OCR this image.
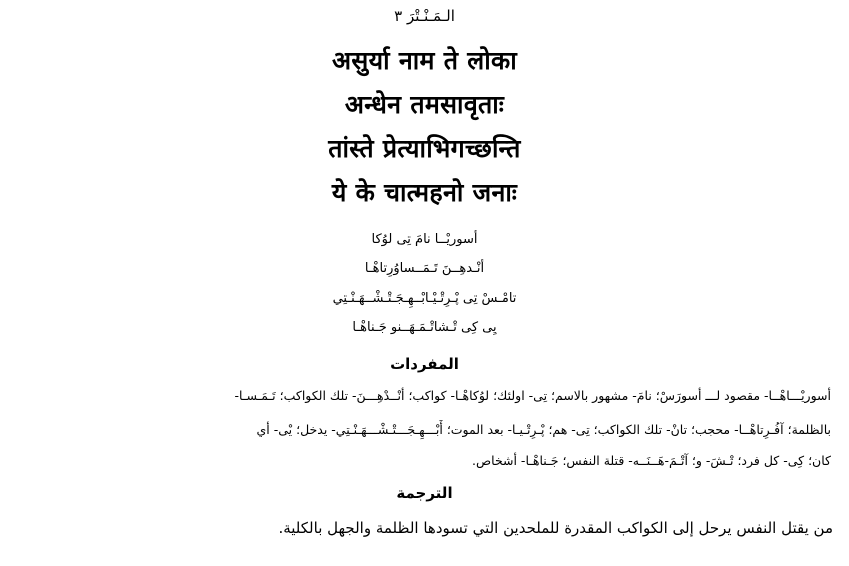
الـمَـنْـتْرَ ٣
असुर्या नाम ते लोका
अन्धेन तमसावृताः
तांस्ते प्रेत्याभिगच्छन्ति
ये के चात्महनो जनाः
أسوريْــا نامَ تِى لوُكا
أنْـدهِــنَ تَـمَــساوُرِتاهْـا
تامْـسْ تِى پْـرِتْـيْـابْــهِـجَـتْـشْــهَـنْـتِي
يِى كِى تْـشاتْـمَـهَــنو جَـناهْـا
المفردات
أسوريْـــاهْــا- مقصود لـــ أسورَسْ؛ نامَ- مشهور بالاسم؛ تِى- اولئك؛ لوُكاهْـا- كواكب؛ أنْــدْهِـــنَ- تلك الكواكب؛ تَـمَـسـا-
بالظلمة؛ آفُـرِتاهْــا- محجب؛ تانْ- تلك الكواكب؛ تِى- هم؛ پْـرِتْـيـا- بعد الموت؛ أَبْـــهِـجَـــتْـشْـــهَـنْـتِي- يدخل؛ يْى- أي
كان؛ كِى- كل فرد؛ تْـشَ- و؛ آتْـمَ-هَــنَــه- قتلة النفس؛ جَـناهْـا- أشخاص.
الترجمة
من يقتل النفس يرحل إلى الكواكب المقدرة للملحدين التي تسودها الظلمة والجهل بالكلية.
